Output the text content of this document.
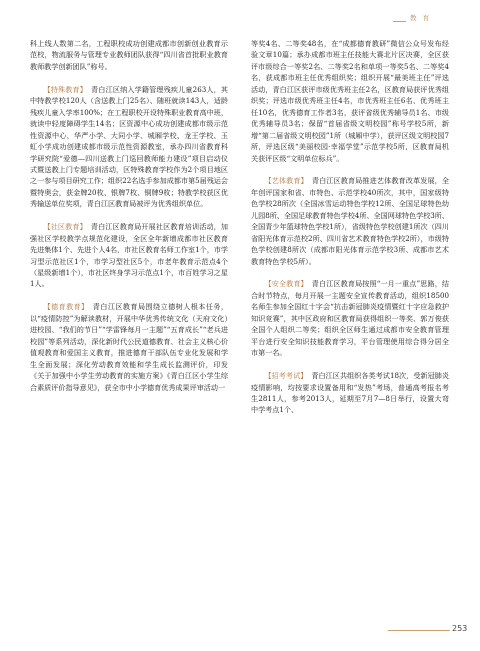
教 育

科上线人数第二名，工程职校成功创建成都市创新创业教育示范校，物流服务与管理专业教师团队获得“四川省首批职业教育教师教学创新团队”称号。

【特殊教育】 青白江区纳入学籍管理残疾儿童263人，其中特教学校120人（含送教上门25名）、随班就读143人，适龄残疾儿童入学率100%；在工程职校开设特殊职业教育高中班，就读中轻度障碍学生14名；区资源中心成功创建成都市级示范性资源中心，华严小学、大同小学、城厢学校、龙王学校、玉虹小学成功创建成都市级示范性资源教室，承办四川省教育科学研究院“爱德—四川送教上门巡回教师能力建设”项目启动仪式暨送教上门专题培训活动，区特殊教育学校作为2个项目地区之一参与项目研究工作；组织22名选手参加成都市第5届残运会暨特奥会，获金牌20枚、银牌7枚、铜牌9枚；特教学校获区优秀输送单位奖项，青白江区教育局被评为优秀组织单位。

【社区教育】 青白江区教育局开展社区教育培训活动，加强社区学校教学点规范化建设，全区全年新增成都市社区教育先进集体1个、先进个人4名，市社区教育名师工作室1个，市学习型示范社区1个，市学习型社区5个，市老年教育示范点4个（星级新增1个），市社区终身学习示范点1个，市百姓学习之星1人。

【德育教育】 青白江区教育局围绕立德树人根本任务，以“疫情防控”为解读教材，开展中华优秀传统文化（天府文化）进校园、“我们的节日”“学雷锋每月一主题”“五育成长”“老兵进校园”等系列活动，深化新时代公民道德教育、社会主义核心价值观教育和爱国主义教育，推进德育干部队伍专业化发展和学生全面发展；深化劳动教育效能和学生成长监测评价，印发《关于加强中小学生劳动教育的实施方案》《青白江区小学生综合素质评价指导意见》，获全市中小学德育优秀成果评审活动一

等奖4名、二等奖48名，在“成都德育教研”微信公众号发布经验文章10篇；承办成都市班主任技能大赛北片区决赛，全区获评市级综合一等奖2名、二等奖2名和单项一等奖5名、二等奖4名，获成都市班主任优秀组织奖；组织开展“最美班主任”评选活动，青白江区获评市级优秀班主任2名，区教育局获评优秀组织奖；评选市级优秀班主任4名，市优秀班主任6名、优秀班主任10名，优秀德育工作者3名，获评省级优秀辅导员1名、市级优秀辅导员3名；保留“首届省级文明校园”称号学校5所，新增“第二届省级文明校园”1所（城厢中学），获评区级文明校园7所，评选区级“美丽校园·幸福学堂”示范学校5所，区教育局机关获评区级“文明单位标兵”。

【艺体教育】 青白江区教育局推进艺体教育改革发展，全年创评国家和省、市特色、示范学校40所次，其中，国家级特色学校28所次（全国冰雪运动特色学校12所、全国足球特色幼儿园8所、全国足球教育特色学校4所、全国网球特色学校3所、全国青少年篮球特色学校1所），省级特色学校创建1所次（四川省阳光体育示范校2所、四川省艺术教育特色学校2所），市级特色学校创建8所次（成都市阳光体育示范学校3所、成都市艺术教育特色学校5所）。

【安全教育】 青白江区教育局按照“一月一重点”思路，结合时节特点，每月开展一主题安全宣传教育活动，组织18500名师生参加全国红十字会“抗击新冠肺炎疫情暨红十字应急救护知识竞赛”，其中区政府和区教育局获得组织一等奖、郭万俊获全国个人组织二等奖；组织全区师生通过成都市安全教育管理平台进行安全知识技能教育学习，平台管理使用综合得分居全市第一名。

【招考考试】 青白江区共组织各类考试18次，受新冠肺炎疫情影响，均按要求设置备用和“发热”考场，普通高考报名考生2811人，参考2013人，延期至7月7—8日举行，设置大弯中学考点1个、

253
